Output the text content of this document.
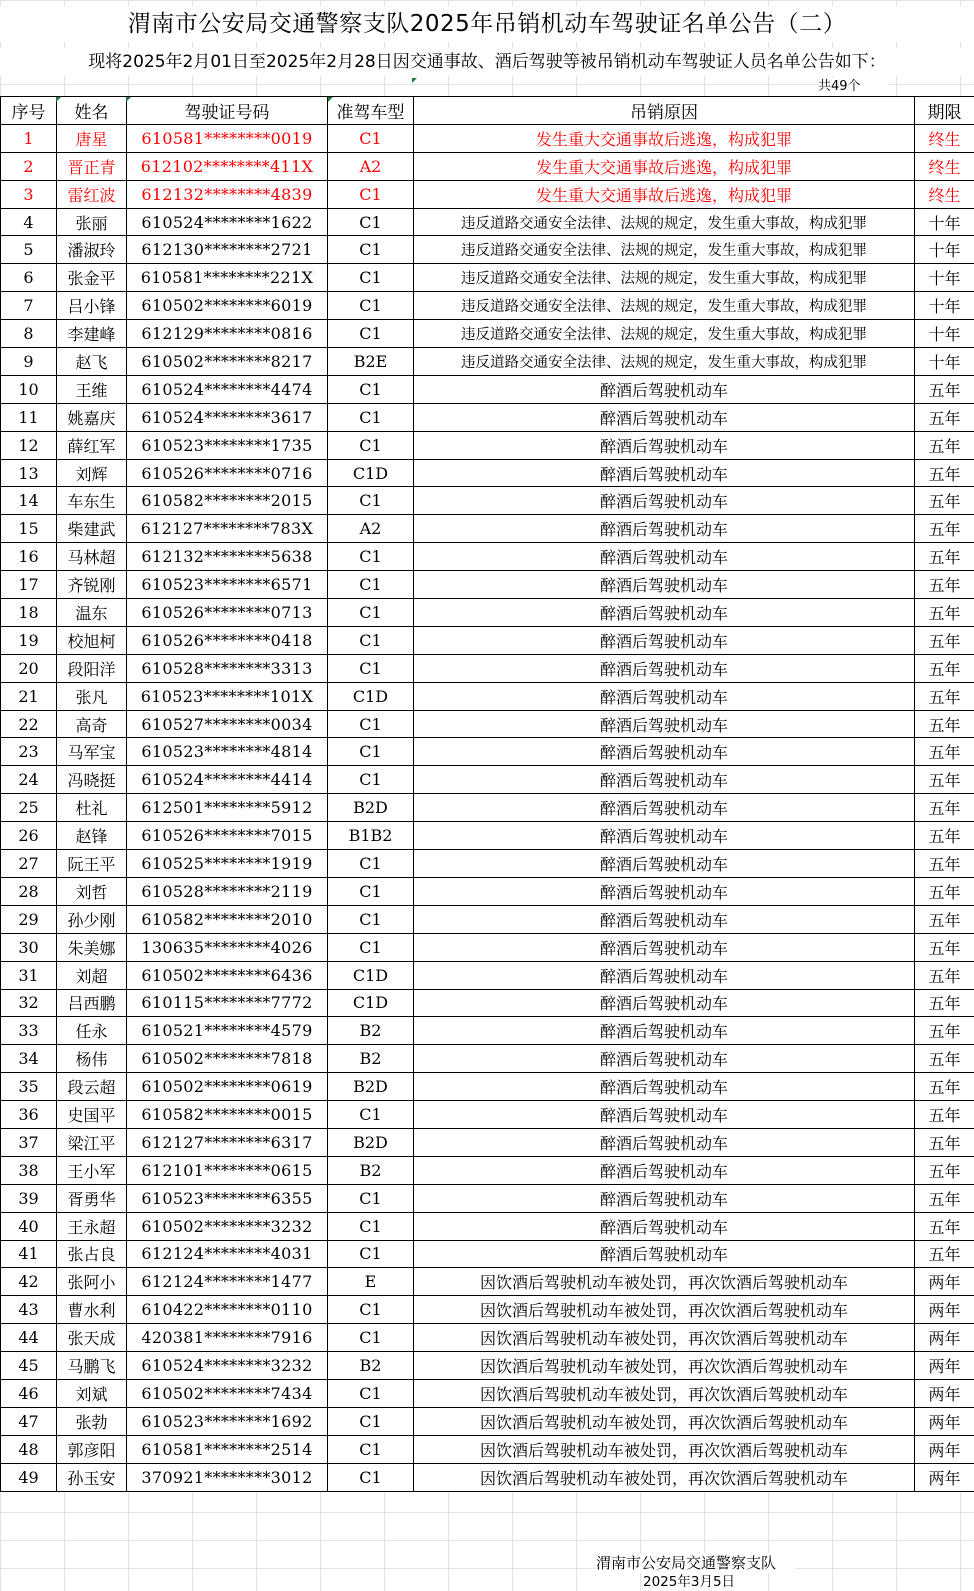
渭南市公安局交通警察支队2025年吊销机动车驾驶证名单公告（二）
现将2025年2月01日至2025年2月28日因交通事故、酒后驾驶等被吊销机动车驾驶证人员名单公告如下：
共49个
序号	姓名	驾驶证号码	准驾车型	吊销原因	期限
1	唐星	610581********0019	C1	发生重大交通事故后逃逸，构成犯罪	终生
2	晋正青	612102********411X	A2	发生重大交通事故后逃逸，构成犯罪	终生
3	雷红波	612132********4839	C1	发生重大交通事故后逃逸，构成犯罪	终生
4	张丽	610524********1622	C1	违反道路交通安全法律、法规的规定，发生重大事故，构成犯罪	十年
5	潘淑玲	612130********2721	C1	违反道路交通安全法律、法规的规定，发生重大事故，构成犯罪	十年
6	张金平	610581********221X	C1	违反道路交通安全法律、法规的规定，发生重大事故，构成犯罪	十年
7	吕小锋	610502********6019	C1	违反道路交通安全法律、法规的规定，发生重大事故，构成犯罪	十年
8	李建峰	612129********0816	C1	违反道路交通安全法律、法规的规定，发生重大事故，构成犯罪	十年
9	赵飞	610502********8217	B2E	违反道路交通安全法律、法规的规定，发生重大事故，构成犯罪	十年
10	王维	610524********4474	C1	醉酒后驾驶机动车	五年
11	姚嘉庆	610524********3617	C1	醉酒后驾驶机动车	五年
12	薛红军	610523********1735	C1	醉酒后驾驶机动车	五年
13	刘辉	610526********0716	C1D	醉酒后驾驶机动车	五年
14	车东生	610582********2015	C1	醉酒后驾驶机动车	五年
15	柴建武	612127********783X	A2	醉酒后驾驶机动车	五年
16	马林超	612132********5638	C1	醉酒后驾驶机动车	五年
17	齐锐刚	610523********6571	C1	醉酒后驾驶机动车	五年
18	温东	610526********0713	C1	醉酒后驾驶机动车	五年
19	校旭柯	610526********0418	C1	醉酒后驾驶机动车	五年
20	段阳洋	610528********3313	C1	醉酒后驾驶机动车	五年
21	张凡	610523********101X	C1D	醉酒后驾驶机动车	五年
22	高奇	610527********0034	C1	醉酒后驾驶机动车	五年
23	马军宝	610523********4814	C1	醉酒后驾驶机动车	五年
24	冯晓挺	610524********4414	C1	醉酒后驾驶机动车	五年
25	杜礼	612501********5912	B2D	醉酒后驾驶机动车	五年
26	赵锋	610526********7015	B1B2	醉酒后驾驶机动车	五年
27	阮王平	610525********1919	C1	醉酒后驾驶机动车	五年
28	刘哲	610528********2119	C1	醉酒后驾驶机动车	五年
29	孙少刚	610582********2010	C1	醉酒后驾驶机动车	五年
30	朱美娜	130635********4026	C1	醉酒后驾驶机动车	五年
31	刘超	610502********6436	C1D	醉酒后驾驶机动车	五年
32	吕西鹏	610115********7772	C1D	醉酒后驾驶机动车	五年
33	任永	610521********4579	B2	醉酒后驾驶机动车	五年
34	杨伟	610502********7818	B2	醉酒后驾驶机动车	五年
35	段云超	610502********0619	B2D	醉酒后驾驶机动车	五年
36	史国平	610582********0015	C1	醉酒后驾驶机动车	五年
37	梁江平	612127********6317	B2D	醉酒后驾驶机动车	五年
38	王小军	612101********0615	B2	醉酒后驾驶机动车	五年
39	胥勇华	610523********6355	C1	醉酒后驾驶机动车	五年
40	王永超	610502********3232	C1	醉酒后驾驶机动车	五年
41	张占良	612124********4031	C1	醉酒后驾驶机动车	五年
42	张阿小	612124********1477	E	因饮酒后驾驶机动车被处罚，再次饮酒后驾驶机动车	两年
43	曹水利	610422********0110	C1	因饮酒后驾驶机动车被处罚，再次饮酒后驾驶机动车	两年
44	张天成	420381********7916	C1	因饮酒后驾驶机动车被处罚，再次饮酒后驾驶机动车	两年
45	马鹏飞	610524********3232	B2	因饮酒后驾驶机动车被处罚，再次饮酒后驾驶机动车	两年
46	刘斌	610502********7434	C1	因饮酒后驾驶机动车被处罚，再次饮酒后驾驶机动车	两年
47	张勃	610523********1692	C1	因饮酒后驾驶机动车被处罚，再次饮酒后驾驶机动车	两年
48	郭彦阳	610581********2514	C1	因饮酒后驾驶机动车被处罚，再次饮酒后驾驶机动车	两年
49	孙玉安	370921********3012	C1	因饮酒后驾驶机动车被处罚，再次饮酒后驾驶机动车	两年
渭南市公安局交通警察支队
2025年3月5日
